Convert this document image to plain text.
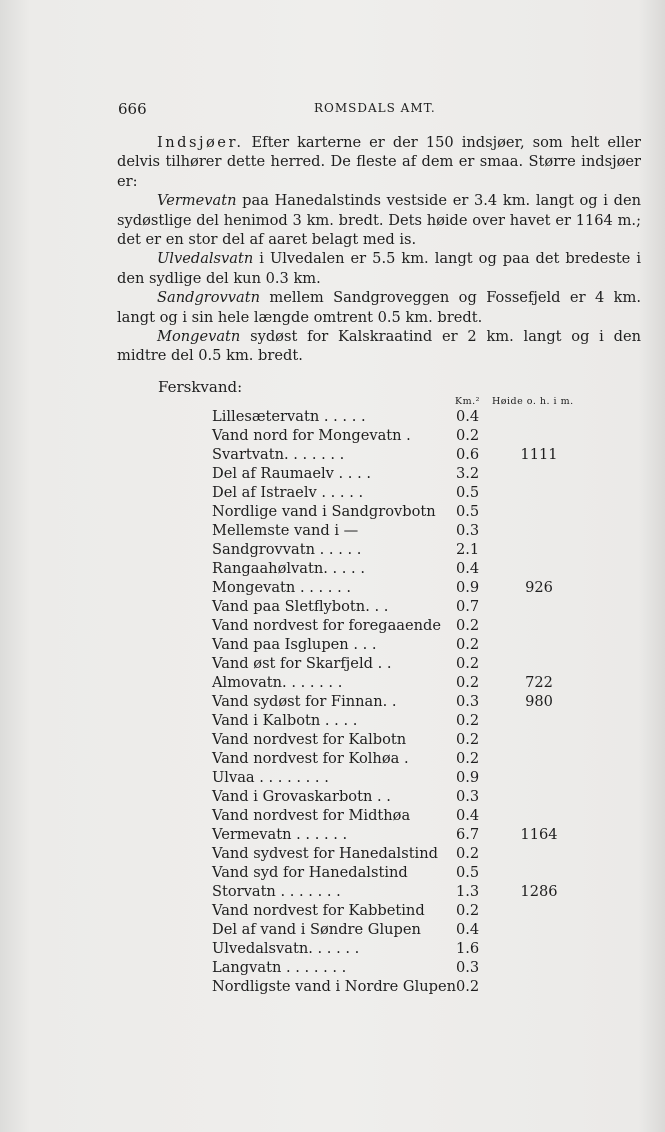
666	ROMSDALS AMT.

Indsjøer. Efter karterne er der 150 indsjøer, som helt eller delvis tilhører dette herred. De fleste af dem er smaa. Større indsjøer er:

Vermevatn paa Hanedalstinds vestside er 3.4 km. langt og i den sydøstlige del henimod 3 km. bredt. Dets høide over havet er 1164 m.; det er en stor del af aaret belagt med is.

Ulvedalsvatn i Ulvedalen er 5.5 km. langt og paa det bredeste i den sydlige del kun 0.3 km.

Sandgrovvatn mellem Sandgroveggen og Fossefjeld er 4 km. langt og i sin hele længde omtrent 0.5 km. bredt.

Mongevatn sydøst for Kalskraatind er 2 km. langt og i den midtre del 0.5 km. bredt.

Ferskvand:
Km.² Høide o. h. i m.
Lillesætervatn . . . . .	0.4
Vand nord for Mongevatn .	0.2
Svartvatn. . . . . . .	0.6	1111
Del af Raumaelv . . . .	3.2
Del af Istraelv . . . . .	0.5
Nordlige vand i Sandgrovbotn 0.5
Mellemste vand i —	0.3
Sandgrovvatn . . . . .	2.1
Rangaahølvatn. . . . .	0.4
Mongevatn . . . . . .	0.9	926
Vand paa Sletflybotn. . .	0.7
Vand nordvest for foregaaende 0.2
Vand paa Isglupen . . .	0.2
Vand øst for Skarfjeld . .	0.2
Almovatn. . . . . . .	0.2	722
Vand sydøst for Finnan. .	0.3	980
Vand i Kalbotn . . . .	0.2
Vand nordvest for Kalbotn	0.2
Vand nordvest for Kolhøa .	0.2
Ulvaa . . . . . . . .	0.9
Vand i Grovaskarbotn . .	0.3
Vand nordvest for Midthøa	0.4
Vermevatn . . . . . .	6.7	1164
Vand sydvest for Hanedalstind 0.2
Vand syd for Hanedalstind	0.5
Storvatn . . . . . . .	1.3	1286
Vand nordvest for Kabbetind 0.2
Del af vand i Søndre Glupen 0.4
Ulvedalsvatn. . . . . .	1.6
Langvatn . . . . . . .	0.3
Nordligste vand i Nordre Glupen 0.2
